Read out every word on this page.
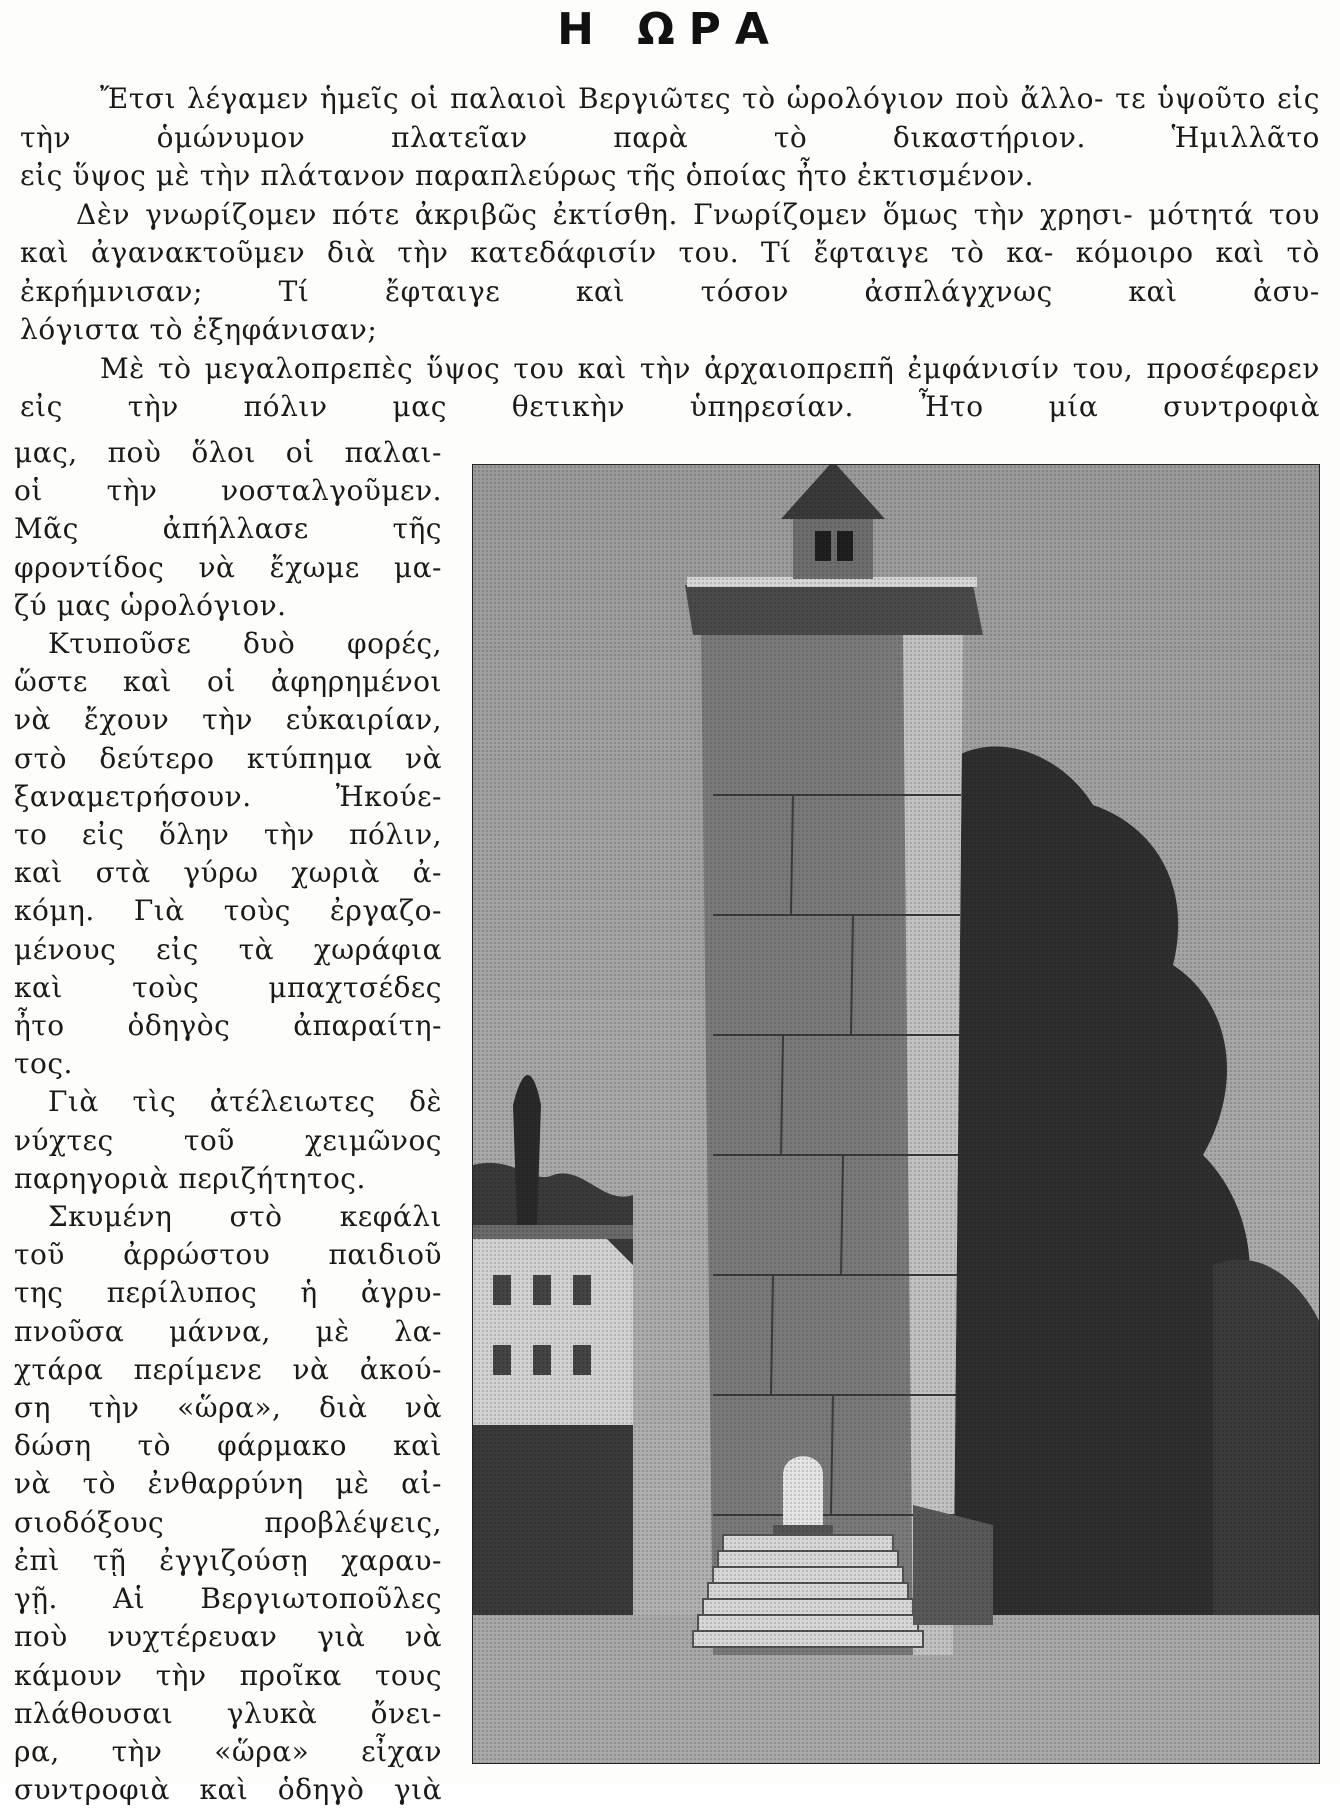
Η ΩΡΑ

Ἔτσι λέγαμεν ἡμεῖς οἱ παλαιοὶ Βεργιῶτες τὸ ὡρολόγιον ποὺ ἄλλο- τε ὑψοῦτο εἰς τὴν ὁμώνυμον πλατεῖαν παρὰ τὸ δικαστήριον. Ἡμιλλᾶτο

εἰς ὕψος μὲ τὴν πλάτανον παραπλεύρως τῆς ὁποίας ἦτο ἐκτισμένον.

Δὲν γνωρίζομεν πότε ἀκριβῶς ἐκτίσθη. Γνωρίζομεν ὅμως τὴν χρησι- μότητά του καὶ ἀγανακτοῦμεν διὰ τὴν κατεδάφισίν του. Τί ἔφταιγε τὸ κα- κόμοιρο καὶ τὸ ἐκρήμνισαν; Τί ἔφταιγε καὶ τόσον ἀσπλάγχνως καὶ ἀσυ-

λόγιστα τὸ ἐξηφάνισαν;

Μὲ τὸ μεγαλοπρεπὲς ὕψος του καὶ τὴν ἀρχαιοπρεπῆ ἐμφάνισίν του, προσέφερεν εἰς τὴν πόλιν μας θετικὴν ὑπηρεσίαν. Ἦτο μία συντροφιὰ

μας, ποὺ ὅλοι οἱ παλαι-
οἱ τὴν νοσταλγοῦμεν.
Μᾶς ἀπήλλασε τῆς
φροντίδος νὰ ἔχωμε μα-
ζύ μας ὡρολόγιον.
Κτυποῦσε δυὸ φορές,
ὥστε καὶ οἱ ἀφηρημένοι
νὰ ἔχουν τὴν εὐκαιρίαν,
στὸ δεύτερο κτύπημα νὰ
ξαναμετρήσουν. Ἠκούε-
το εἰς ὅλην τὴν πόλιν,
καὶ στὰ γύρω χωριὰ ἀ-
κόμη. Γιὰ τοὺς ἐργαζο-
μένους εἰς τὰ χωράφια
καὶ τοὺς μπαχτσέδες
ἦτο ὁδηγὸς ἀπαραίτη-
τος.
Γιὰ τὶς ἀτέλειωτες δὲ
νύχτες τοῦ χειμῶνος
παρηγοριὰ περιζήτητος.
Σκυμένη στὸ κεφάλι
τοῦ ἀρρώστου παιδιοῦ
της περίλυπος ἡ ἀγρυ-
πνοῦσα μάννα, μὲ λα-
χτάρα περίμενε νὰ ἀκού-
ση τὴν «ὥρα», διὰ νὰ
δώση τὸ φάρμακο καὶ
νὰ τὸ ἐνθαρρύνη μὲ αἰ-
σιοδόξους προβλέψεις,
ἐπὶ τῇ ἐγγιζούσῃ χαραυ-
γῇ. Αἱ Βεργιωτοποῦλες
ποὺ νυχτέρευαν γιὰ νὰ
κάμουν τὴν προῖκα τους
πλάθουσαι γλυκὰ ὄνει-
ρα, τὴν «ὥρα» εἶχαν
συντροφιὰ καὶ ὁδηγὸ γιὰ
